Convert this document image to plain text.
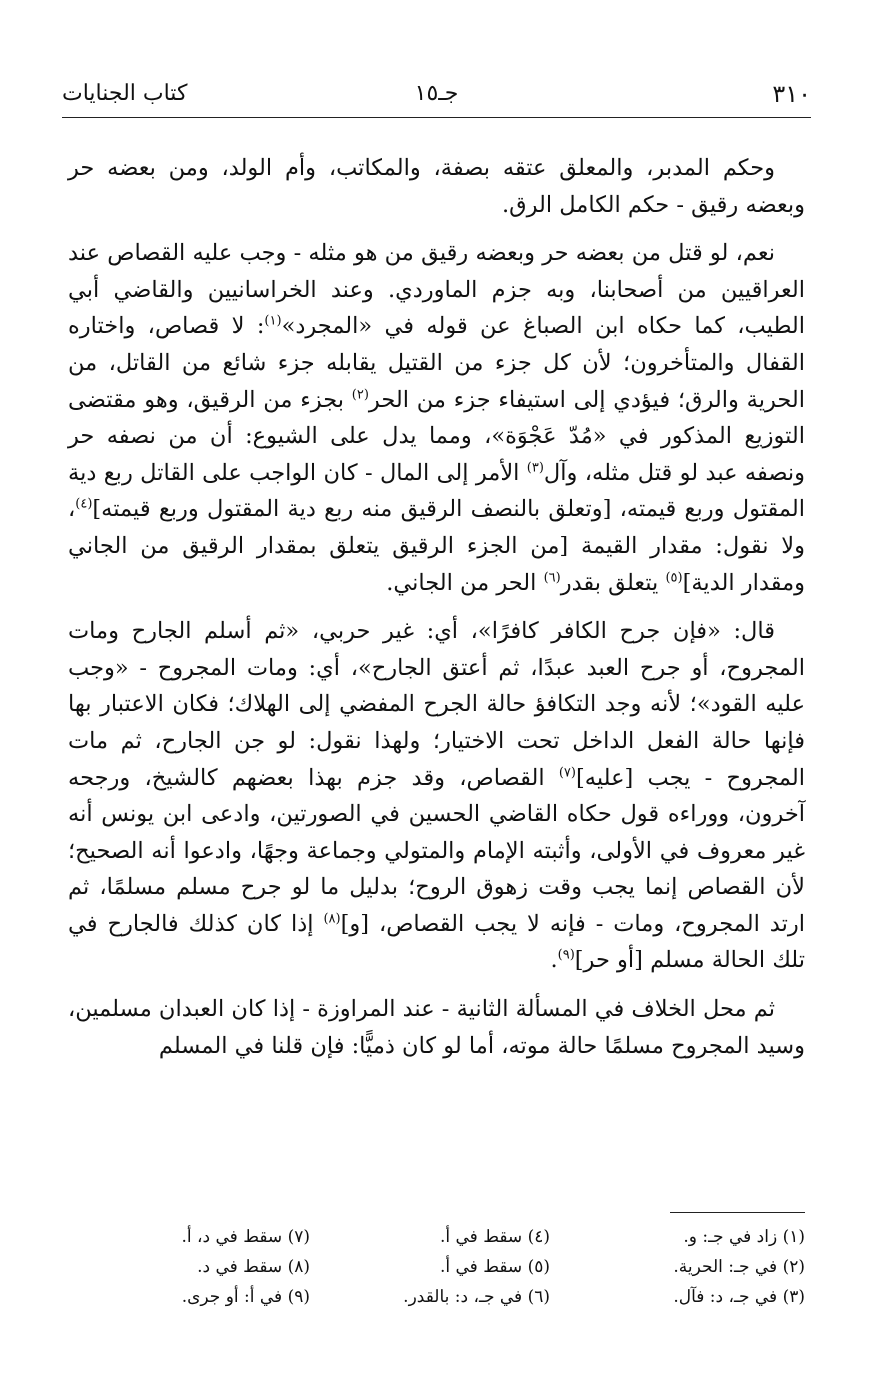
٣١٠
جـ١٥
كتاب الجنايات

وحكم المدبر، والمعلق عتقه بصفة، والمكاتب، وأم الولد، ومن بعضه حر وبعضه رقيق - حكم الكامل الرق.

نعم، لو قتل من بعضه حر وبعضه رقيق من هو مثله - وجب عليه القصاص عند العراقيين من أصحابنا، وبه جزم الماوردي. وعند الخراسانيين والقاضي أبي الطيب، كما حكاه ابن الصباغ عن قوله في «المجرد»$^{(١)}$: لا قصاص، واختاره القفال والمتأخرون؛ لأن كل جزء من القتيل يقابله جزء شائع من القاتل، من الحرية والرق؛ فيؤدي إلى استيفاء جزء من الحر$^{(٢)}$ بجزء من الرقيق، وهو مقتضى التوزيع المذكور في «مُدّ عَجْوَة»، ومما يدل على الشيوع: أن من نصفه حر ونصفه عبد لو قتل مثله، وآل$^{(٣)}$ الأمر إلى المال - كان الواجب على القاتل ربع دية المقتول وربع قيمته، [وتعلق بالنصف الرقيق منه ربع دية المقتول وربع قيمته]$^{(٤)}$، ولا نقول: مقدار القيمة [من الجزء الرقيق يتعلق بمقدار الرقيق من الجاني ومقدار الدية]$^{(٥)}$ يتعلق بقدر$^{(٦)}$ الحر من الجاني.

قال: «فإن جرح الكافر كافرًا»، أي: غير حربي، «ثم أسلم الجارح ومات المجروح، أو جرح العبد عبدًا، ثم أعتق الجارح»، أي: ومات المجروح - «وجب عليه القود»؛ لأنه وجد التكافؤ حالة الجرح المفضي إلى الهلاك؛ فكان الاعتبار بها فإنها حالة الفعل الداخل تحت الاختيار؛ ولهذا نقول: لو جن الجارح، ثم مات المجروح - يجب [عليه]$^{(٧)}$ القصاص، وقد جزم بهذا بعضهم كالشيخ، ورجحه آخرون، ووراءه قول حكاه القاضي الحسين في الصورتين، وادعى ابن يونس أنه غير معروف في الأولى، وأثبته الإمام والمتولي وجماعة وجهًا، وادعوا أنه الصحيح؛ لأن القصاص إنما يجب وقت زهوق الروح؛ بدليل ما لو جرح مسلم مسلمًا، ثم ارتد المجروح، ومات - فإنه لا يجب القصاص، [و]$^{(٨)}$ إذا كان كذلك فالجارح في تلك الحالة مسلم [أو حر]$^{(٩)}$.

ثم محل الخلاف في المسألة الثانية - عند المراوزة - إذا كان العبدان مسلمين، وسيد المجروح مسلمًا حالة موته، أما لو كان ذميًّا: فإن قلنا في المسلم

(١) زاد في جـ: و.
(٢) في جـ: الحرية.
(٣) في جـ، د: فآل.
(٤) سقط في أ.
(٥) سقط في أ.
(٦) في جـ، د: بالقدر.
(٧) سقط في د، أ.
(٨) سقط في د.
(٩) في أ: أو جرى.
